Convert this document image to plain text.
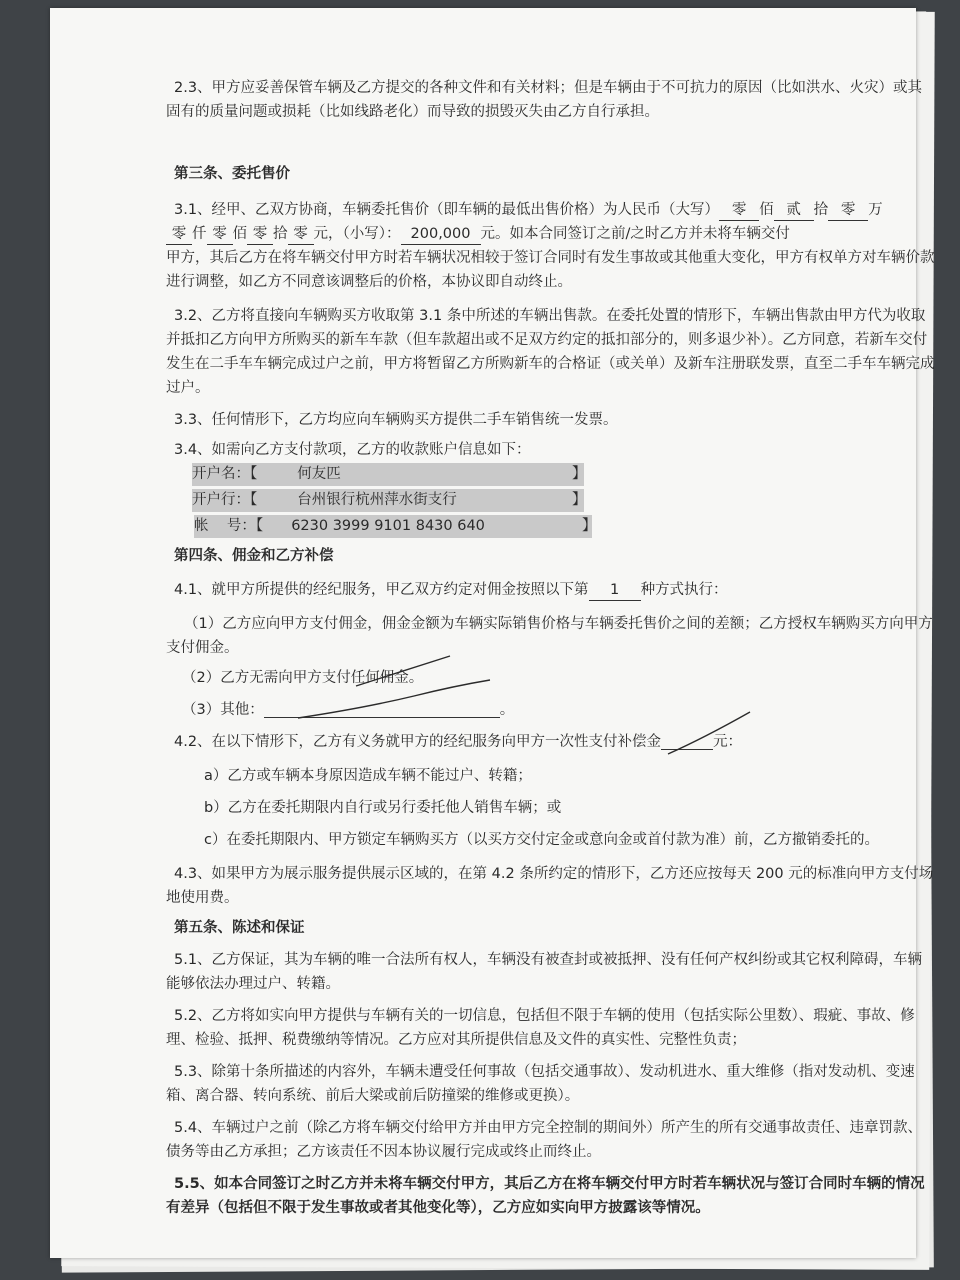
2.3、甲方应妥善保管车辆及乙方提交的各种文件和有关材料；但是车辆由于不可抗力的原因（比如洪水、火灾）或其
固有的质量问题或损耗（比如线路老化）而导致的损毁灭失由乙方自行承担。
第三条、委托售价
3.1、经甲、乙双方协商，车辆委托售价（即车辆的最低出售价格）为人民币（大写） 零 佰 贰 拾 零 万
零 仟 零 佰 零 拾 零 元，（小写）： 200,000 元。如本合同签订之前/之时乙方并未将车辆交付
甲方，其后乙方在将车辆交付甲方时若车辆状况相较于签订合同时有发生事故或其他重大变化，甲方有权单方对车辆价款
进行调整，如乙方不同意该调整后的价格，本协议即自动终止。
3.2、乙方将直接向车辆购买方收取第 3.1 条中所述的车辆出售款。在委托处置的情形下，车辆出售款由甲方代为收取
并抵扣乙方向甲方所购买的新车车款（但车款超出或不足双方约定的抵扣部分的，则多退少补）。乙方同意，若新车交付
发生在二手车车辆完成过户之前，甲方将暂留乙方所购新车的合格证（或关单）及新车注册联发票，直至二手车车辆完成
过户。
3.3、任何情形下，乙方均应向车辆购买方提供二手车销售统一发票。
3.4、如需向乙方支付款项，乙方的收款账户信息如下：
开户名：【	何友匹	】
开户行：【	台州银行杭州萍水街支行	】
帐    号：【 6230 3999 9101 8430 640	】
第四条、佣金和乙方补偿
4.1、就甲方所提供的经纪服务，甲乙双方约定对佣金按照以下第 1 种方式执行：
（1）乙方应向甲方支付佣金，佣金金额为车辆实际销售价格与车辆委托售价之间的差额；乙方授权车辆购买方向甲方
支付佣金。
（2）乙方无需向甲方支付任何佣金。
（3）其他：	。
4.2、在以下情形下，乙方有义务就甲方的经纪服务向甲方一次性支付补偿金	元：
a）乙方或车辆本身原因造成车辆不能过户、转籍；
b）乙方在委托期限内自行或另行委托他人销售车辆；或
c）在委托期限内、甲方锁定车辆购买方（以买方交付定金或意向金或首付款为准）前，乙方撤销委托的。
4.3、如果甲方为展示服务提供展示区域的，在第 4.2 条所约定的情形下，乙方还应按每天 200 元的标准向甲方支付场
地使用费。
第五条、陈述和保证
5.1、乙方保证，其为车辆的唯一合法所有权人，车辆没有被查封或被抵押、没有任何产权纠纷或其它权利障碍，车辆
能够依法办理过户、转籍。
5.2、乙方将如实向甲方提供与车辆有关的一切信息，包括但不限于车辆的使用（包括实际公里数）、瑕疵、事故、修
理、检验、抵押、税费缴纳等情况。乙方应对其所提供信息及文件的真实性、完整性负责；
5.3、除第十条所描述的内容外，车辆未遭受任何事故（包括交通事故）、发动机进水、重大维修（指对发动机、变速
箱、离合器、转向系统、前后大梁或前后防撞梁的维修或更换）。
5.4、车辆过户之前（除乙方将车辆交付给甲方并由甲方完全控制的期间外）所产生的所有交通事故责任、违章罚款、
债务等由乙方承担；乙方该责任不因本协议履行完成或终止而终止。
5.5、如本合同签订之时乙方并未将车辆交付甲方，其后乙方在将车辆交付甲方时若车辆状况与签订合同时车辆的情况
有差异（包括但不限于发生事故或者其他变化等），乙方应如实向甲方披露该等情况。
